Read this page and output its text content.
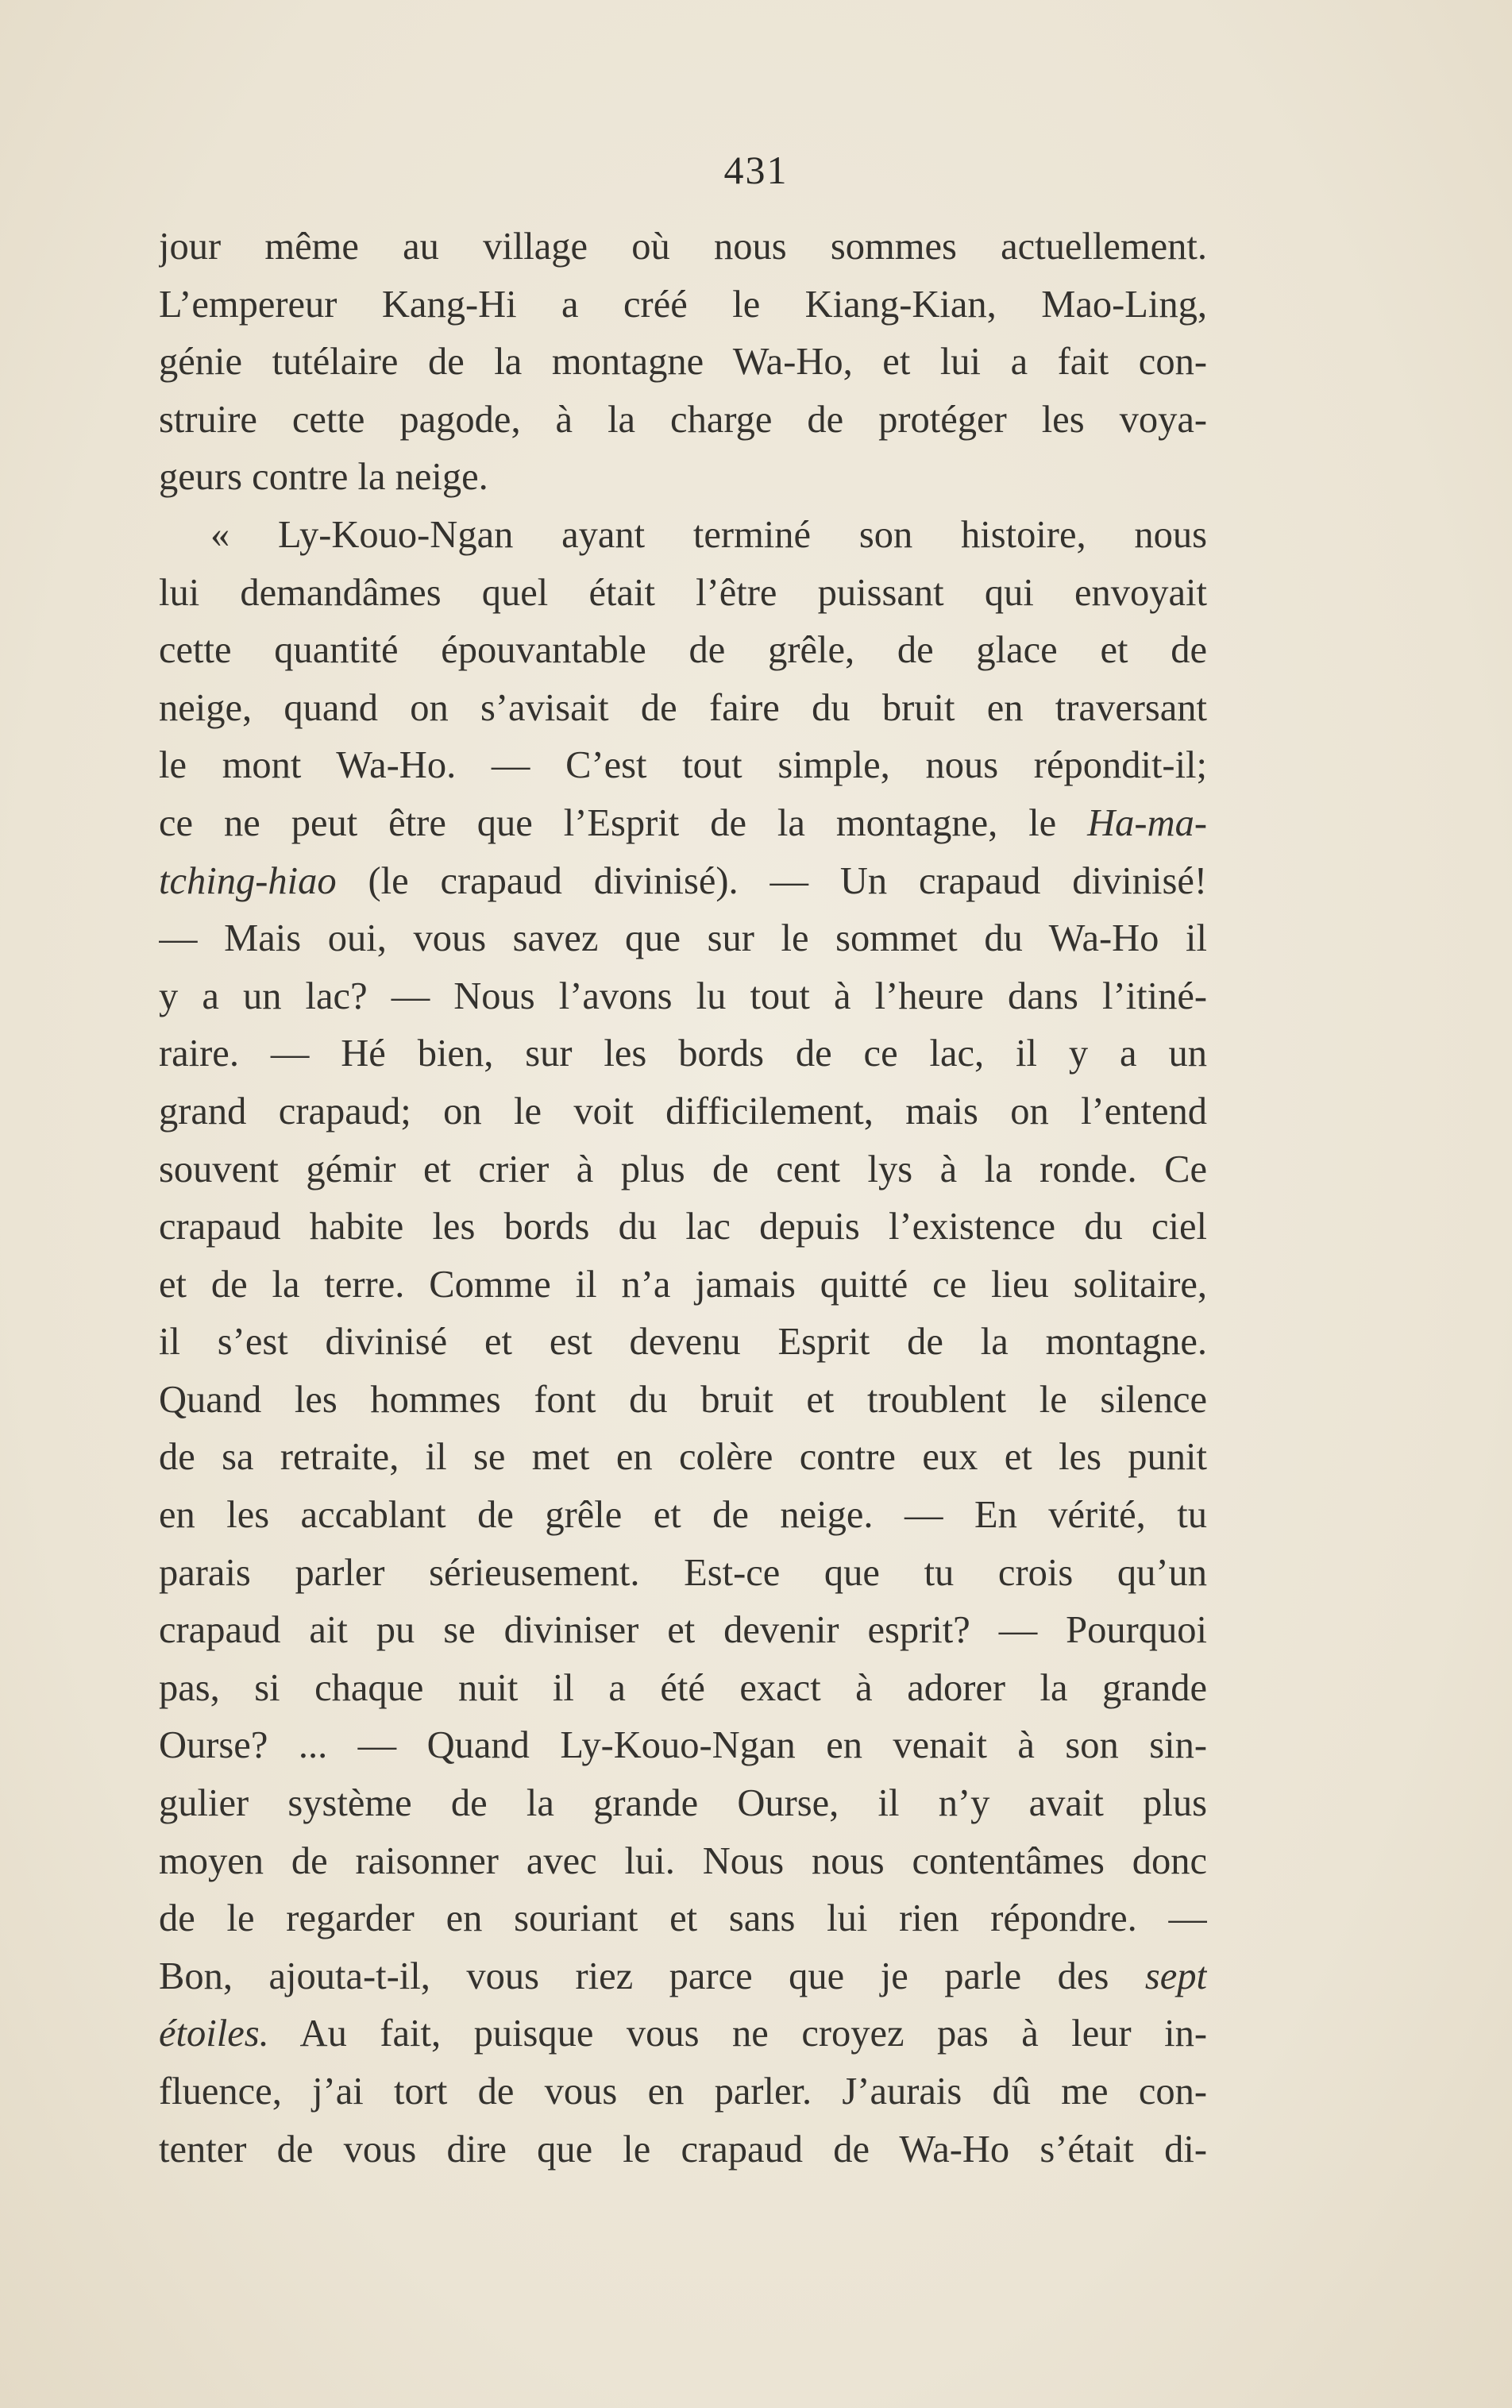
431
jour même au village où nous sommes actuellement.
L’empereur Kang-Hi a créé le Kiang-Kian, Mao-Ling,
génie tutélaire de la montagne Wa-Ho, et lui a fait con-
struire cette pagode, à la charge de protéger les voya-
geurs contre la neige.
« Ly-Kouo-Ngan ayant terminé son histoire, nous
lui demandâmes quel était l’être puissant qui envoyait
cette quantité épouvantable de grêle, de glace et de
neige, quand on s’avisait de faire du bruit en traversant
le mont Wa-Ho. — C’est tout simple, nous répondit-il;
ce ne peut être que l’Esprit de la montagne, le Ha-ma-
tching-hiao (le crapaud divinisé). — Un crapaud divinisé!
— Mais oui, vous savez que sur le sommet du Wa-Ho il
y a un lac? — Nous l’avons lu tout à l’heure dans l’itiné-
raire. — Hé bien, sur les bords de ce lac, il y a un
grand crapaud; on le voit difficilement, mais on l’entend
souvent gémir et crier à plus de cent lys à la ronde. Ce
crapaud habite les bords du lac depuis l’existence du ciel
et de la terre. Comme il n’a jamais quitté ce lieu solitaire,
il s’est divinisé et est devenu Esprit de la montagne.
Quand les hommes font du bruit et troublent le silence
de sa retraite, il se met en colère contre eux et les punit
en les accablant de grêle et de neige. — En vérité, tu
parais parler sérieusement. Est-ce que tu crois qu’un
crapaud ait pu se diviniser et devenir esprit? — Pourquoi
pas, si chaque nuit il a été exact à adorer la grande
Ourse? ... — Quand Ly-Kouo-Ngan en venait à son sin-
gulier système de la grande Ourse, il n’y avait plus
moyen de raisonner avec lui. Nous nous contentâmes donc
de le regarder en souriant et sans lui rien répondre. —
Bon, ajouta-t-il, vous riez parce que je parle des sept
étoiles. Au fait, puisque vous ne croyez pas à leur in-
fluence, j’ai tort de vous en parler. J’aurais dû me con-
tenter de vous dire que le crapaud de Wa-Ho s’était di-
